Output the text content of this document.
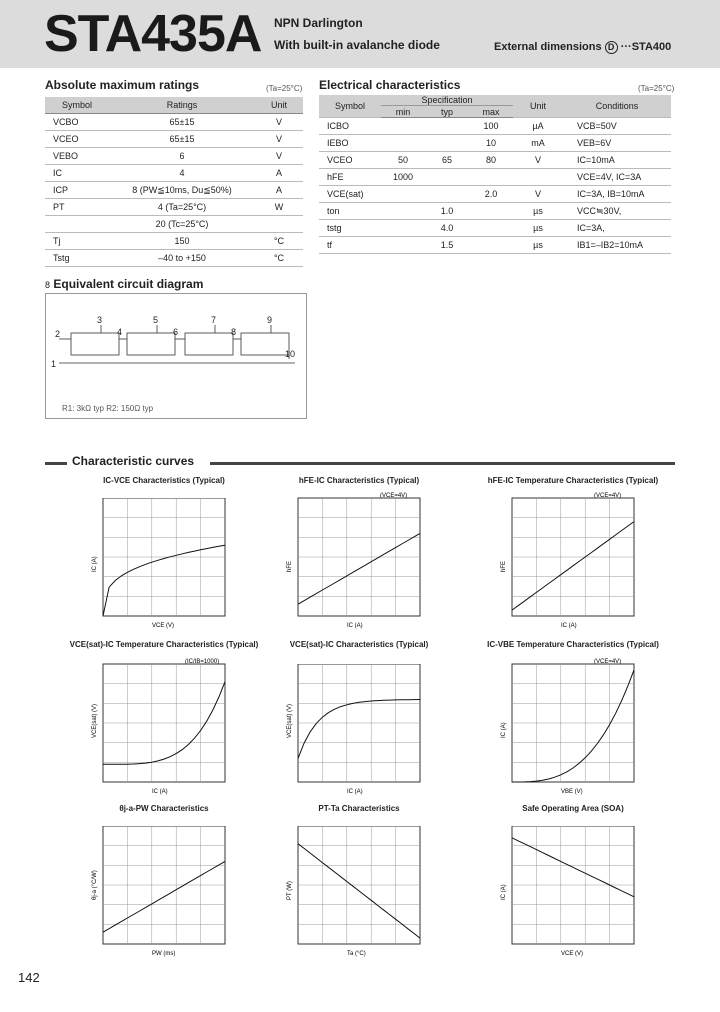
STA435A NPN Darlington
With built-in avalanche diode	External dimensions D ···STA400
Absolute maximum ratings	(Ta=25°C)
Symbol	Ratings	Unit
VCBO	65±15	V
VCEO	65±15	V
VEBO	6	V
IC	4	A
ICP	8 (PW≦10ms, Du≦50%)	A
PT	4 (Ta=25°C)	W
	20 (Tc=25°C)	
Tj	150	°C
Tstg	–40 to +150	°C
Electrical characteristics	(Ta=25°C)
Symbol	Specification			Unit	Conditions
	min	typ	max		
ICBO			100	µA	VCB=50V
IEBO			10	mA	VEB=6V
VCEO	50	65	80	V	IC=10mA
hFE	1000				VCE=4V, IC=3A
VCE(sat)			2.0	V	IC=3A, IB=10mA
ton		1.0		µs	VCC≒30V,
tstg		4.0		µs	IC=3A,
tf		1.5		µs	IB1=–IB2=10mA
8 Equivalent circuit diagram
1
2
3
4
5
6
7
8
9
10
R1: 3kΩ typ R2: 150Ω typ
Characteristic curves
IC-VCE Characteristics (Typical)
VCE (V)
IC (A)
hFE-IC Characteristics (Typical)
IC (A)
hFE
(VCE=4V)
hFE-IC Temperature Characteristics (Typical)
IC (A)
hFE
(VCE=4V)
VCE(sat)-IC Temperature Characteristics (Typical)
IC (A)
VCE(sat) (V)
(IC/IB=1000)
VCE(sat)-IC Characteristics (Typical)
IC (A)
VCE(sat) (V)
IC-VBE Temperature Characteristics (Typical)
VBE (V)
IC (A)
(VCE=4V)
θj-a-PW Characteristics
PW (ms)
θj-a (°C/W)
PT-Ta Characteristics
Ta (°C)
PT (W)
Safe Operating Area (SOA)
VCE (V)
IC (A)
142
